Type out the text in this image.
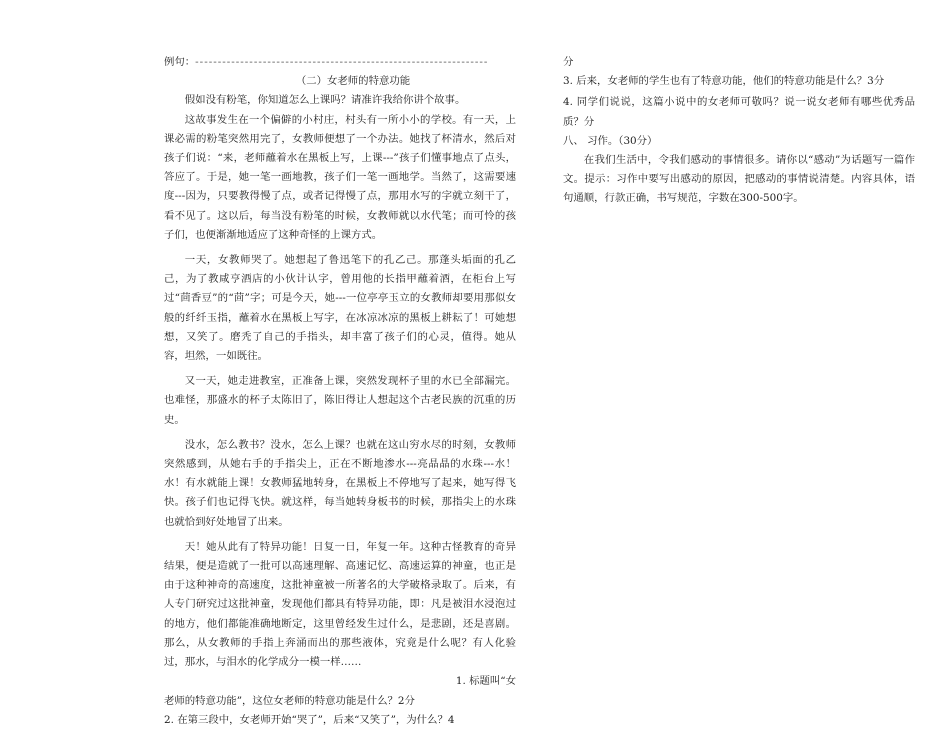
例句：-----------------------------------------------------------------

（二）女老师的特意功能

假如没有粉笔，你知道怎么上课吗？请准许我给你讲个故事。

这故事发生在一个偏僻的小村庄，村头有一所小小的学校。有一天，上课必需的粉笔突然用完了，女教师便想了一个办法。她找了杯清水，然后对孩子们说：“来，老师蘸着水在黑板上写，上课---”孩子们懂事地点了点头，答应了。于是，她一笔一画地教，孩子们一笔一画地学。当然了，这需要速度---因为，只要教得慢了点，或者记得慢了点，那用水写的字就立刻干了，看不见了。这以后，每当没有粉笔的时候，女教师就以水代笔；而可怜的孩子们，也便渐渐地适应了这种奇怪的上课方式。

一天，女教师哭了。她想起了鲁迅笔下的孔乙己。那蓬头垢面的孔乙己，为了教咸亨酒店的小伙计认字，曾用他的长指甲蘸着酒，在柜台上写过“茴香豆”的“茴”字；可是今天，她---一位亭亭玉立的女教师却要用那似女般的纤纤玉指，蘸着水在黑板上写字，在冰凉冰凉的黑板上耕耘了！可她想想，又笑了。磨秃了自己的手指头，却丰富了孩子们的心灵，值得。她从容，坦然，一如既往。

又一天，她走进教室，正准备上课，突然发现杯子里的水已全部漏完。也难怪，那盛水的杯子太陈旧了，陈旧得让人想起这个古老民族的沉重的历史。

没水，怎么教书？没水，怎么上课？也就在这山穷水尽的时刻，女教师突然感到，从她右手的手指尖上，正在不断地渗水---亮晶晶的水珠---水！水！有水就能上课！女教师猛地转身，在黑板上不停地写了起来，她写得飞快。孩子们也记得飞快。就这样，每当她转身板书的时候，那指尖上的水珠也就恰到好处地冒了出来。

天！她从此有了特异功能！日复一日，年复一年。这种古怪教育的奇异结果，便是造就了一批可以高速理解、高速记忆、高速运算的神童，也正是由于这种神奇的高速度，这批神童被一所著名的大学破格录取了。后来，有人专门研究过这批神童，发现他们都具有特异功能，即：凡是被泪水浸泡过的地方，他们都能准确地断定，这里曾经发生过什么，是悲剧，还是喜剧。那么，从女教师的手指上奔涌而出的那些液体，究竟是什么呢？有人化验过，那水，与泪水的化学成分一模一样……

1. 标题叫“女

老师的特意功能”，这位女老师的特意功能是什么？2分

2. 在第三段中，女老师开始“哭了”，后来“又笑了”，为什么？4

分

3. 后来，女老师的学生也有了特意功能，他们的特意功能是什么？3分

4. 同学们说说，这篇小说中的女老师可敬吗？说一说女老师有哪些优秀品质？分

八、 习作。（30分）

在我们生活中，令我们感动的事情很多。请你以“感动”为话题写一篇作文。提示：习作中要写出感动的原因，把感动的事情说清楚。内容具体，语句通顺，行款正确，书写规范，字数在300-500字。
